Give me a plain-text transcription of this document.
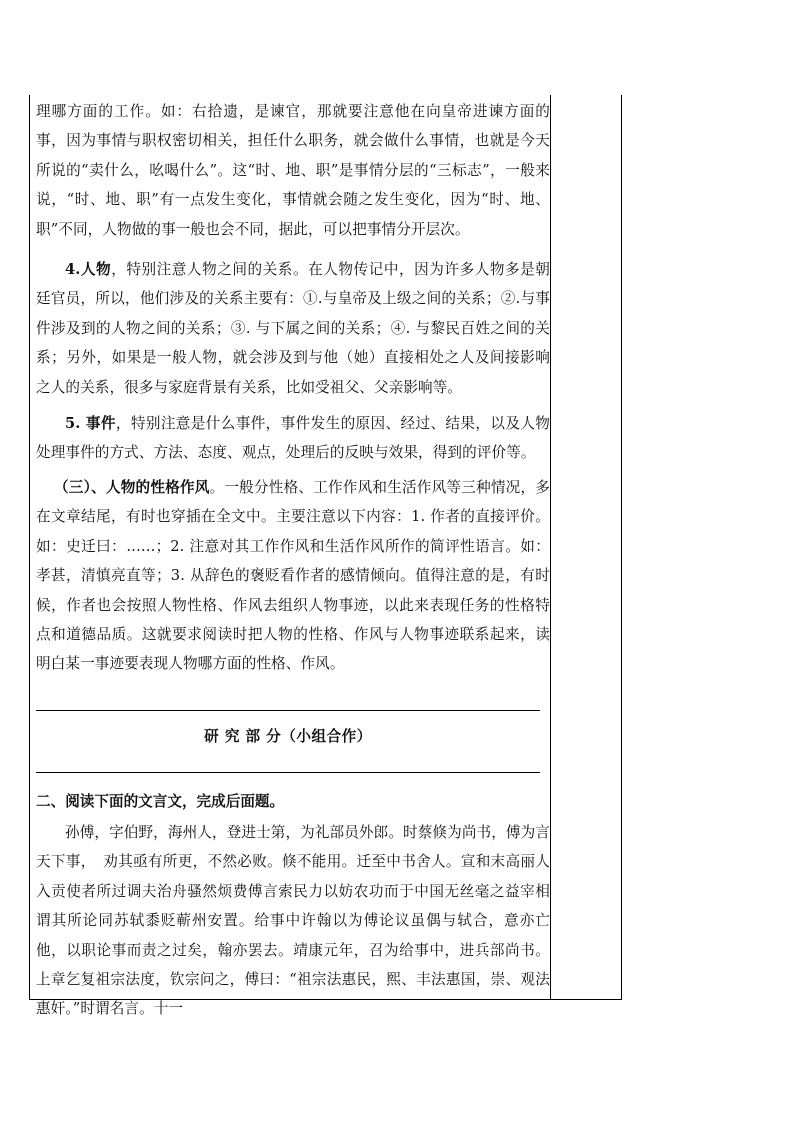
理哪方面的工作。如：右拾遗，是谏官，那就要注意他在向皇帝进谏方面的事，因为事情与职权密切相关，担任什么职务，就会做什么事情，也就是今天所说的“卖什么，吆喝什么”。这“时、地、职”是事情分层的“三标志”，一般来说，“时、地、职”有一点发生变化，事情就会随之发生变化，因为“时、地、职”不同，人物做的事一般也会不同，据此，可以把事情分开层次。

4.人物，特别注意人物之间的关系。在人物传记中，因为许多人物多是朝廷官员，所以，他们涉及的关系主要有：①.与皇帝及上级之间的关系；②.与事件涉及到的人物之间的关系；③. 与下属之间的关系；④. 与黎民百姓之间的关系；另外，如果是一般人物，就会涉及到与他（她）直接相处之人及间接影响之人的关系，很多与家庭背景有关系，比如受祖父、父亲影响等。

5. 事件，特别注意是什么事件，事件发生的原因、经过、结果，以及人物处理事件的方式、方法、态度、观点，处理后的反映与效果，得到的评价等。

（三）、人物的性格作风。一般分性格、工作作风和生活作风等三种情况，多在文章结尾，有时也穿插在全文中。主要注意以下内容：1. 作者的直接评价。如：史迁曰：……；2. 注意对其工作作风和生活作风所作的简评性语言。如：孝甚，清慎亮直等；3. 从辞色的褒贬看作者的感情倾向。值得注意的是，有时候，作者也会按照人物性格、作风去组织人物事迹，以此来表现任务的性格特点和道德品质。这就要求阅读时把人物的性格、作风与人物事迹联系起来，读明白某一事迹要表现人物哪方面的性格、作风。

研 究 部 分（小组合作）
二、阅读下面的文言文，完成后面题。

孙傅，字伯野，海州人，登进士第，为礼部员外郎。时蔡倏为尚书，傅为言天下事，　劝其亟有所更，不然必败。倏不能用。迁至中书舍人。宣和末高丽人入贡使者所过调夫治舟骚然烦费傅言索民力以妨农功而于中国无丝毫之益宰相谓其所论同苏轼黍贬蕲州安置。给事中许翰以为傅论议虽偶与轼合，意亦亡他，以职论事而责之过矣，翰亦罢去。靖康元年，召为给事中，进兵部尚书。上章乞复祖宗法度，钦宗问之，傅曰：“祖宗法惠民，熙、丰法惠国，崇、观法惠奸。”时谓名言。十一
